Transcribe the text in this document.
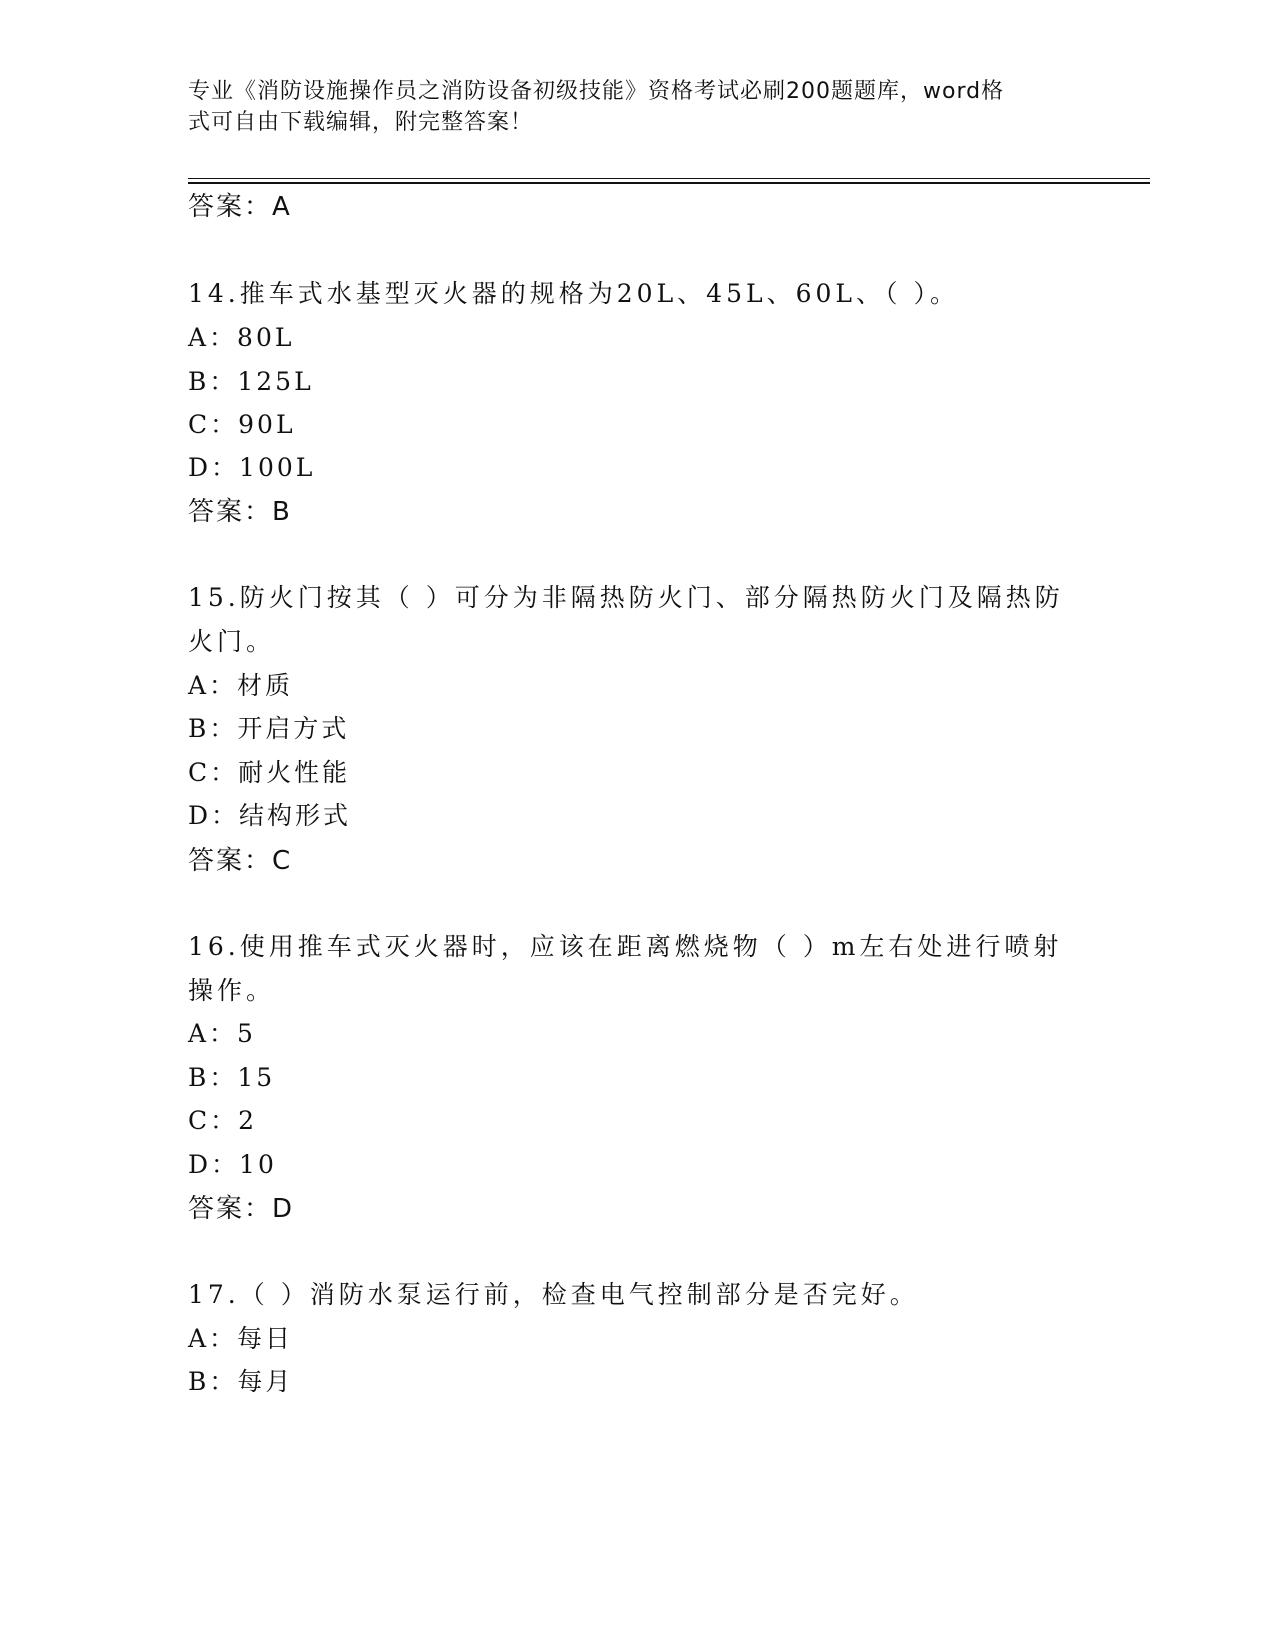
专业《消防设施操作员之消防设备初级技能》资格考试必刷200题题库，word格
式可自由下载编辑，附完整答案！
答案：A
14.推车式水基型灭火器的规格为20L、45L、60L、（ ）。
A：80L
B：125L
C：90L
D：100L
答案：B
15.防火门按其（ ）可分为非隔热防火门、部分隔热防火门及隔热防
火门。
A：材质
B：开启方式
C：耐火性能
D：结构形式
答案：C
16.使用推车式灭火器时，应该在距离燃烧物（ ）m左右处进行喷射
操作。
A：5
B：15
C：2
D：10
答案：D
17.（ ）消防水泵运行前，检查电气控制部分是否完好。
A：每日
B：每月
